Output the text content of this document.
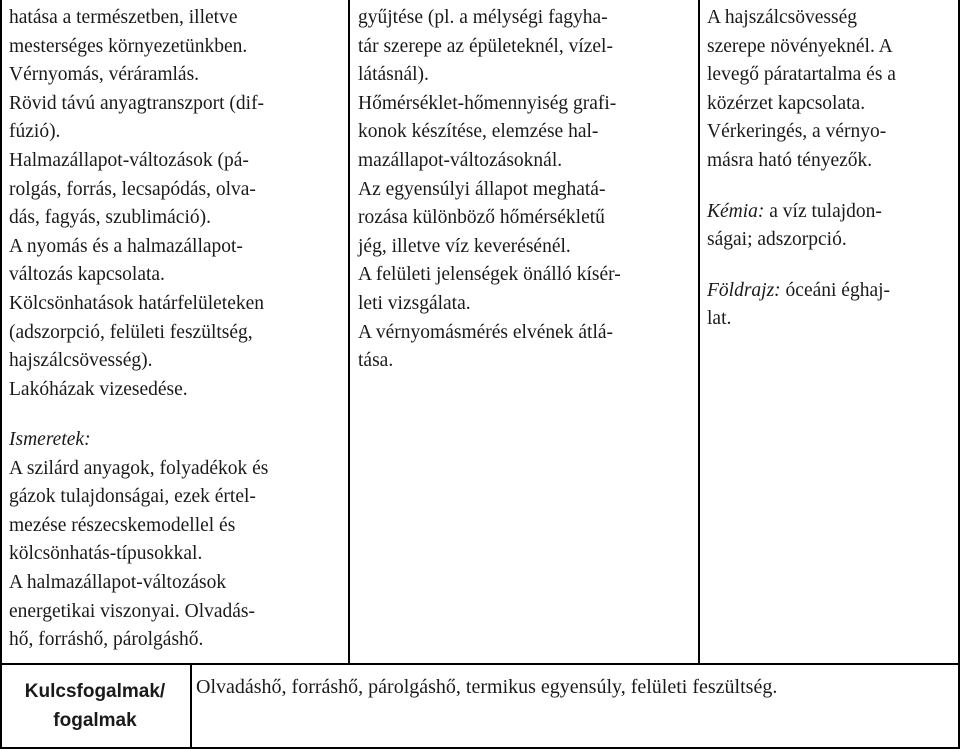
hatása a természetben, illetve
mesterséges környezetünkben.
Vérnyomás, véráramlás.
Rövid távú anyagtranszport (dif-
fúzió).
Halmazállapot-változások (pá-
rolgás, forrás, lecsapódás, olva-
dás, fagyás, szublimáció).
A nyomás és a halmazállapot-
változás kapcsolata.
Kölcsönhatások határfelületeken
(adszorpció, felületi feszültség,
hajszálcsövesség).
Lakóházak vizesedése.
Ismeretek:
A szilárd anyagok, folyadékok és
gázok tulajdonságai, ezek értel-
mezése részecskemodellel és
kölcsönhatás-típusokkal.
A halmazállapot-változások
energetikai viszonyai. Olvadás-
hő, forráshő, párolgáshő.
gyűjtése (pl. a mélységi fagyha-
tár szerepe az épületeknél, vízel-
látásnál).
Hőmérséklet-hőmennyiség grafi-
konok készítése, elemzése hal-
mazállapot-változásoknál.
Az egyensúlyi állapot meghatá-
rozása különböző hőmérsékletű
jég, illetve víz keverésénél.
A felületi jelenségek önálló kísér-
leti vizsgálata.
A vérnyomásmérés elvének átlá-
tása.
A hajszálcsövesség
szerepe növényeknél. A
levegő páratartalma és a
közérzet kapcsolata.
Vérkeringés, a vérnyo-
másra ható tényezők.
Kémia: a víz tulajdon-
ságai; adszorpció.
Földrajz: óceáni éghaj-
lat.
Kulcsfogalmak/
fogalmak
Olvadáshő, forráshő, párolgáshő, termikus egyensúly, felületi feszültség.
